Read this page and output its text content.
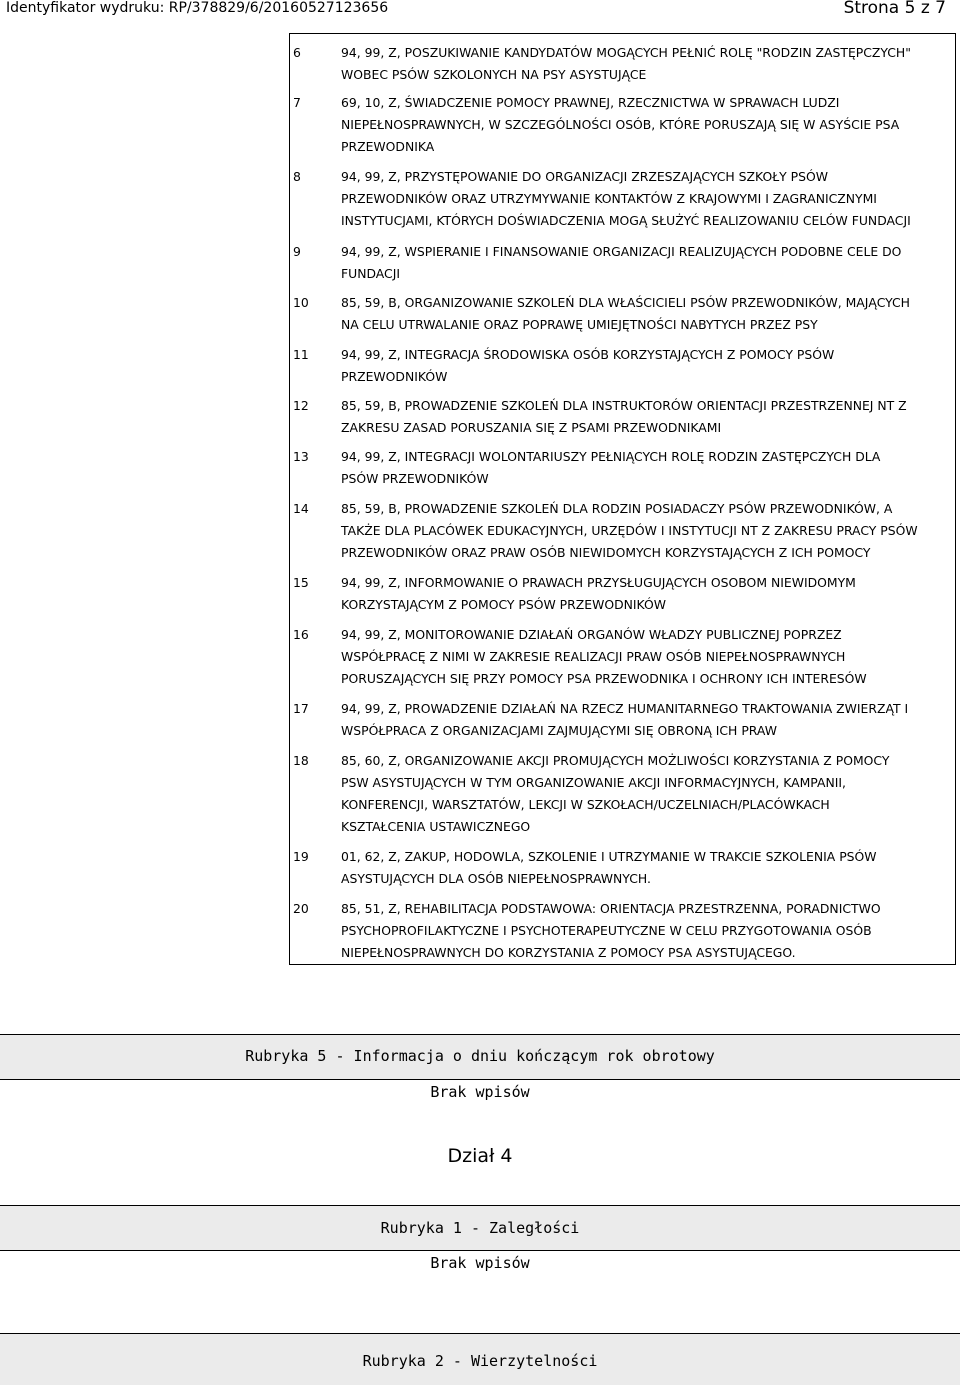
Identyfikator wydruku: RP/378829/6/20160527123656	Strona 5 z 7
6	94, 99, Z, POSZUKIWANIE KANDYDATÓW MOGĄCYCH PEŁNIĆ ROLĘ "RODZIN ZASTĘPCZYCH"
WOBEC PSÓW SZKOLONYCH NA PSY ASYSTUJĄCE
7	69, 10, Z, ŚWIADCZENIE POMOCY PRAWNEJ, RZECZNICTWA W SPRAWACH LUDZI
NIEPEŁNOSPRAWNYCH, W SZCZEGÓLNOŚCI OSÓB, KTÓRE PORUSZAJĄ SIĘ W ASYŚCIE PSA
PRZEWODNIKA
8	94, 99, Z, PRZYSTĘPOWANIE DO ORGANIZACJI ZRZESZAJĄCYCH SZKOŁY PSÓW
PRZEWODNIKÓW ORAZ UTRZYMYWANIE KONTAKTÓW Z KRAJOWYMI I ZAGRANICZNYMI
INSTYTUCJAMI, KTÓRYCH DOŚWIADCZENIA MOGĄ SŁUŻYĆ REALIZOWANIU CELÓW FUNDACJI
9	94, 99, Z, WSPIERANIE I FINANSOWANIE ORGANIZACJI REALIZUJĄCYCH PODOBNE CELE DO
FUNDACJI
10	85, 59, B, ORGANIZOWANIE SZKOLEŃ DLA WŁAŚCICIELI PSÓW PRZEWODNIKÓW, MAJĄCYCH
NA CELU UTRWALANIE ORAZ POPRAWĘ UMIEJĘTNOŚCI NABYTYCH PRZEZ PSY
11	94, 99, Z, INTEGRACJA ŚRODOWISKA OSÓB KORZYSTAJĄCYCH Z POMOCY PSÓW
PRZEWODNIKÓW
12	85, 59, B, PROWADZENIE SZKOLEŃ DLA INSTRUKTORÓW ORIENTACJI PRZESTRZENNEJ NT Z
ZAKRESU ZASAD PORUSZANIA SIĘ Z PSAMI PRZEWODNIKAMI
13	94, 99, Z, INTEGRACJI WOLONTARIUSZY PEŁNIĄCYCH ROLĘ RODZIN ZASTĘPCZYCH DLA
PSÓW PRZEWODNIKÓW
14	85, 59, B, PROWADZENIE SZKOLEŃ DLA RODZIN POSIADACZY PSÓW PRZEWODNIKÓW, A
TAKŻE DLA PLACÓWEK EDUKACYJNYCH, URZĘDÓW I INSTYTUCJI NT Z ZAKRESU PRACY PSÓW
PRZEWODNIKÓW ORAZ PRAW OSÓB NIEWIDOMYCH KORZYSTAJĄCYCH Z ICH POMOCY
15	94, 99, Z, INFORMOWANIE O PRAWACH PRZYSŁUGUJĄCYCH OSOBOM NIEWIDOMYM
KORZYSTAJĄCYM Z POMOCY PSÓW PRZEWODNIKÓW
16	94, 99, Z, MONITOROWANIE DZIAŁAŃ ORGANÓW WŁADZY PUBLICZNEJ POPRZEZ
WSPÓŁPRACĘ Z NIMI W ZAKRESIE REALIZACJI PRAW OSÓB NIEPEŁNOSPRAWNYCH
PORUSZAJĄCYCH SIĘ PRZY POMOCY PSA PRZEWODNIKA I OCHRONY ICH INTERESÓW
17	94, 99, Z, PROWADZENIE DZIAŁAŃ NA RZECZ HUMANITARNEGO TRAKTOWANIA ZWIERZĄT I
WSPÓŁPRACA Z ORGANIZACJAMI ZAJMUJĄCYMI SIĘ OBRONĄ ICH PRAW
18	85, 60, Z, ORGANIZOWANIE AKCJI PROMUJĄCYCH MOŻLIWOŚCI KORZYSTANIA Z POMOCY
PSW ASYSTUJĄCYCH W TYM ORGANIZOWANIE AKCJI INFORMACYJNYCH, KAMPANII,
KONFERENCJI, WARSZTATÓW, LEKCJI W SZKOŁACH/UCZELNIACH/PLACÓWKACH
KSZTAŁCENIA USTAWICZNEGO
19	01, 62, Z, ZAKUP, HODOWLA, SZKOLENIE I UTRZYMANIE W TRAKCIE SZKOLENIA PSÓW
ASYSTUJĄCYCH DLA OSÓB NIEPEŁNOSPRAWNYCH.
20	85, 51, Z, REHABILITACJA PODSTAWOWA: ORIENTACJA PRZESTRZENNA, PORADNICTWO
PSYCHOPROFILAKTYCZNE I PSYCHOTERAPEUTYCZNE W CELU PRZYGOTOWANIA OSÓB
NIEPEŁNOSPRAWNYCH DO KORZYSTANIA Z POMOCY PSA ASYSTUJĄCEGO.
Rubryka 5 - Informacja o dniu kończącym rok obrotowy
Brak wpisów
Dział 4
Rubryka 1 - Zaległości
Brak wpisów
Rubryka 2 - Wierzytelności
